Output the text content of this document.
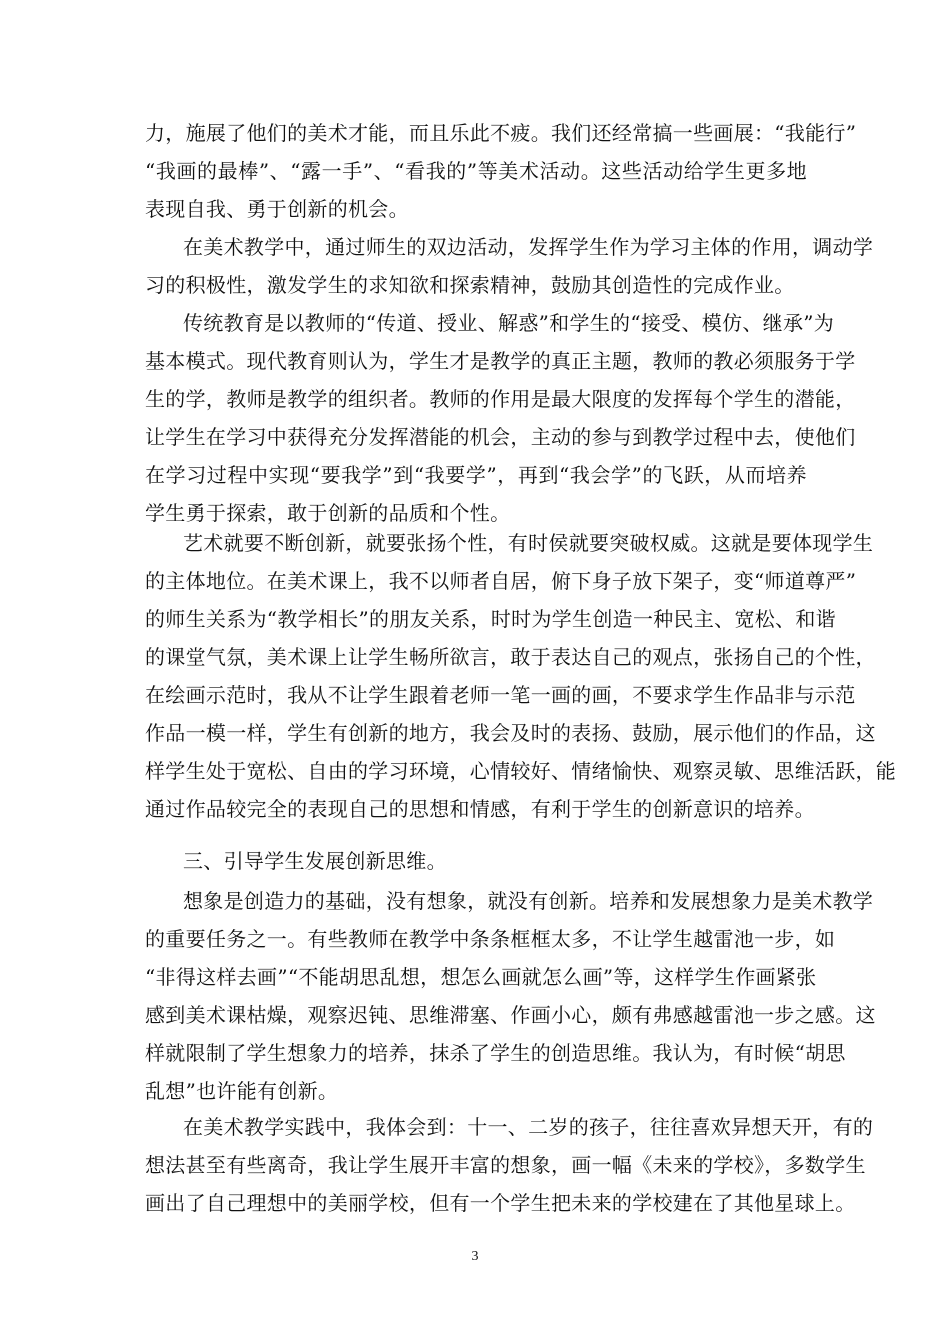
力，施展了他们的美术才能，而且乐此不疲。我们还经常搞一些画展：“我能行”
“我画的最棒”、“露一手”、“看我的”等美术活动。这些活动给学生更多地
表现自我、勇于创新的机会。
在美术教学中，通过师生的双边活动，发挥学生作为学习主体的作用，调动学
习的积极性，激发学生的求知欲和探索精神，鼓励其创造性的完成作业。
传统教育是以教师的“传道、授业、解惑”和学生的“接受、模仿、继承”为
基本模式。现代教育则认为，学生才是教学的真正主题，教师的教必须服务于学
生的学，教师是教学的组织者。教师的作用是最大限度的发挥每个学生的潜能，
让学生在学习中获得充分发挥潜能的机会，主动的参与到教学过程中去，使他们
在学习过程中实现“要我学”到“我要学”，再到“我会学”的飞跃，从而培养
学生勇于探索，敢于创新的品质和个性。
艺术就要不断创新，就要张扬个性，有时侯就要突破权威。这就是要体现学生
的主体地位。在美术课上，我不以师者自居，俯下身子放下架子，变“师道尊严”
的师生关系为“教学相长”的朋友关系，时时为学生创造一种民主、宽松、和谐
的课堂气氛，美术课上让学生畅所欲言，敢于表达自己的观点，张扬自己的个性，
在绘画示范时，我从不让学生跟着老师一笔一画的画，不要求学生作品非与示范
作品一模一样，学生有创新的地方，我会及时的表扬、鼓励，展示他们的作品，这
样学生处于宽松、自由的学习环境，心情较好、情绪愉快、观察灵敏、思维活跃，能
通过作品较完全的表现自己的思想和情感，有利于学生的创新意识的培养。
三、引导学生发展创新思维。
想象是创造力的基础，没有想象，就没有创新。培养和发展想象力是美术教学
的重要任务之一。有些教师在教学中条条框框太多，不让学生越雷池一步，如
“非得这样去画”“不能胡思乱想，想怎么画就怎么画”等，这样学生作画紧张
感到美术课枯燥，观察迟钝、思维滞塞、作画小心，颇有弗感越雷池一步之感。这
样就限制了学生想象力的培养，抹杀了学生的创造思维。我认为，有时候“胡思
乱想”也许能有创新。
在美术教学实践中，我体会到：十一、二岁的孩子，往往喜欢异想天开，有的
想法甚至有些离奇，我让学生展开丰富的想象，画一幅《未来的学校》，多数学生
画出了自己理想中的美丽学校，但有一个学生把未来的学校建在了其他星球上。
3
